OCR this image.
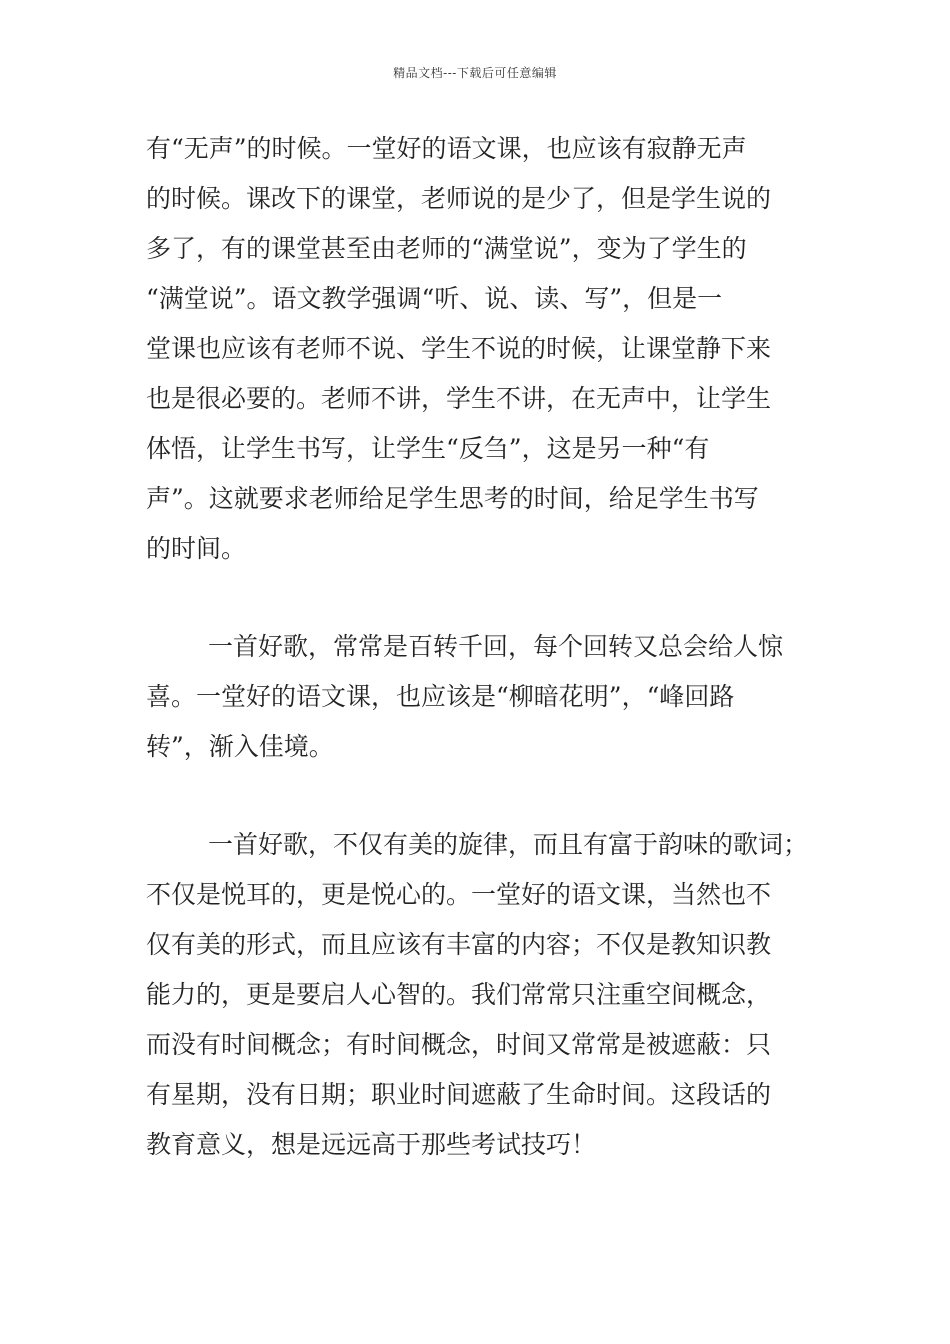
精品文档---下载后可任意编辑
有“无声”的时候。一堂好的语文课，也应该有寂静无声
的时候。课改下的课堂，老师说的是少了，但是学生说的
多了，有的课堂甚至由老师的“满堂说”，变为了学生的
“满堂说”。语文教学强调“听、说、读、写”，但是一
堂课也应该有老师不说、学生不说的时候，让课堂静下来
也是很必要的。老师不讲，学生不讲，在无声中，让学生
体悟，让学生书写，让学生“反刍”，这是另一种“有
声”。这就要求老师给足学生思考的时间，给足学生书写
的时间。
一首好歌，常常是百转千回，每个回转又总会给人惊
喜。一堂好的语文课，也应该是“柳暗花明”，“峰回路
转”，渐入佳境。
一首好歌，不仅有美的旋律，而且有富于韵味的歌词；
不仅是悦耳的，更是悦心的。一堂好的语文课，当然也不
仅有美的形式，而且应该有丰富的内容；不仅是教知识教
能力的，更是要启人心智的。我们常常只注重空间概念，
而没有时间概念；有时间概念，时间又常常是被遮蔽：只
有星期，没有日期；职业时间遮蔽了生命时间。这段话的
教育意义，想是远远高于那些考试技巧！
